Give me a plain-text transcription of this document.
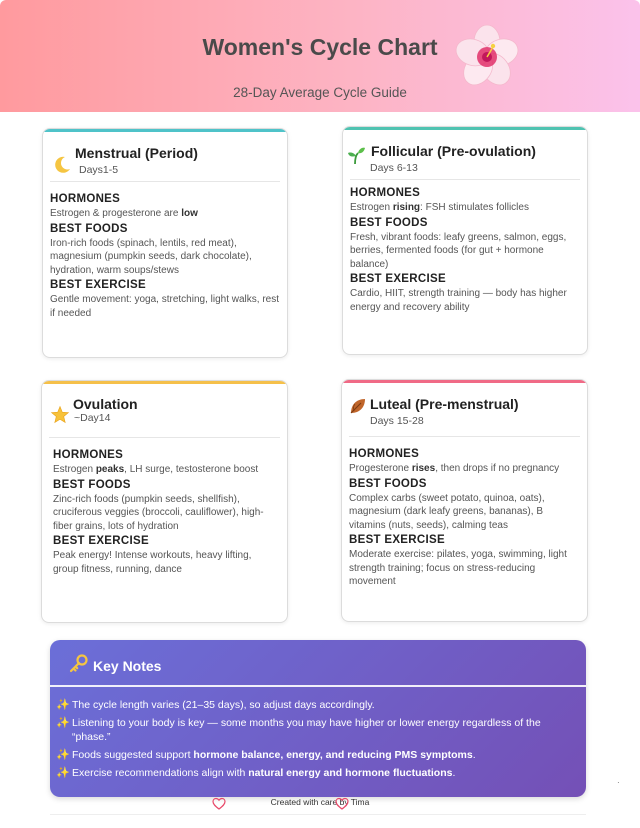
Women's Cycle Chart
28-Day Average Cycle Guide
Menstrual (Period)
Days1-5
HORMONES
Estrogen & progesterone are low
BEST FOODS
Iron-rich foods (spinach, lentils, red meat), magnesium (pumpkin seeds, dark chocolate), hydration, warm soups/stews
BEST EXERCISE
Gentle movement: yoga, stretching, light walks, rest if needed
Follicular (Pre-ovulation)
Days 6-13
HORMONES
Estrogen rising: FSH stimulates follicles
BEST FOODS
Fresh, vibrant foods: leafy greens, salmon, eggs, berries, fermented foods (for gut + hormone balance)
BEST EXERCISE
Cardio, HIIT, strength training — body has higher energy and recovery ability
Ovulation
~Day14
HORMONES
Estrogen peaks, LH surge, testosterone boost
BEST FOODS
Zinc-rich foods (pumpkin seeds, shellfish), cruciferous veggies (broccoli, cauliflower), high-fiber grains, lots of hydration
BEST EXERCISE
Peak energy! Intense workouts, heavy lifting, group fitness, running, dance
Luteal (Pre-menstrual)
Days 15-28
HORMONES
Progesterone rises, then drops if no pregnancy
BEST FOODS
Complex carbs (sweet potato, quinoa, oats), magnesium (dark leafy greens, bananas), B vitamins (nuts, seeds), calming teas
BEST EXERCISE
Moderate exercise: pilates, yoga, swimming, light strength training; focus on stress-reducing movement
Key Notes
✨ The cycle length varies (21–35 days), so adjust days accordingly.
✨ Listening to your body is key — some months you may have higher or lower energy regardless of the “phase.”
✨ Foods suggested support hormone balance, energy, and reducing PMS symptoms.
✨ Exercise recommendations align with natural energy and hormone fluctuations.
·
Created with care by Tima
